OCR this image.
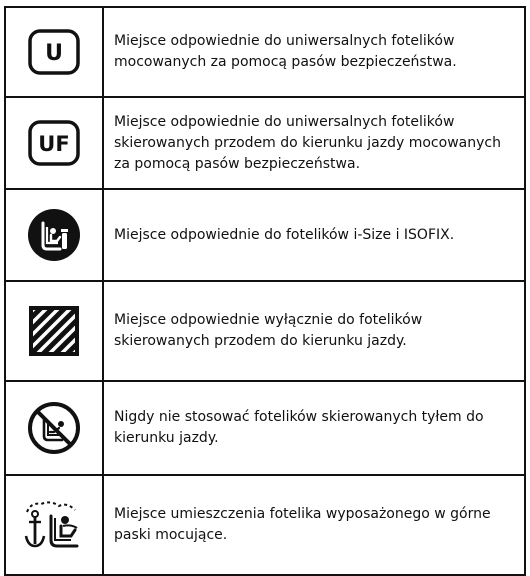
U	Miejsce odpowiednie do uniwersalnych fotelików mocowanych za pomocą pasów bezpieczeństwa.

UF	Miejsce odpowiednie do uniwersalnych fotelików skierowanych przodem do kierunku jazdy mocowanych za pomocą pasów bezpieczeństwa.

Miejsce odpowiednie do fotelików i-Size i ISOFIX.

Miejsce odpowiednie wyłącznie do fotelików skierowanych przodem do kierunku jazdy.

Nigdy nie stosować fotelików skierowanych tyłem do kierunku jazdy.

Miejsce umieszczenia fotelika wyposażonego w górne paski mocujące.
